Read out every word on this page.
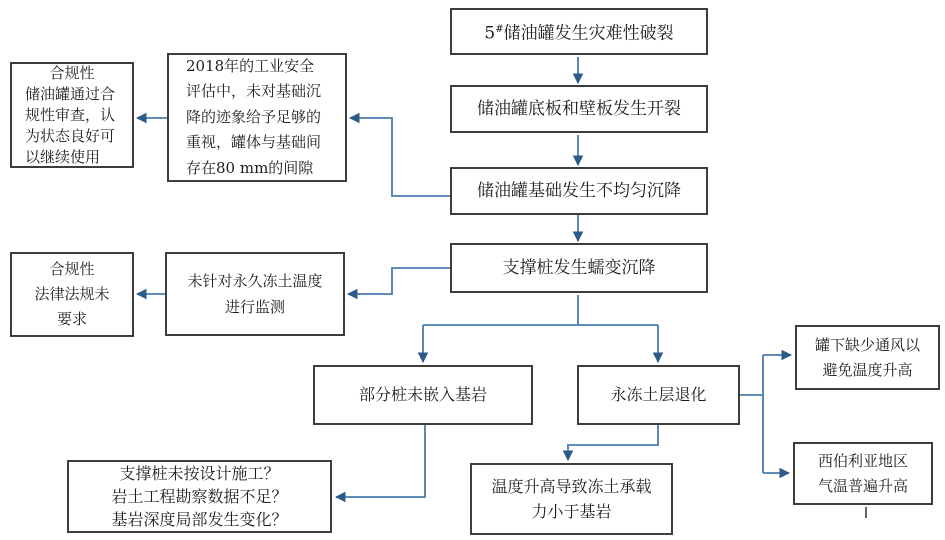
5#储油罐发生灾难性破裂
储油罐底板和壁板发生开裂
储油罐基础发生不均匀沉降
支撑桩发生蠕变沉降
合规性
储油罐通过合规性审查，认为状态良好可以继续使用
2018年的工业安全评估中，未对基础沉降的迹象给予足够的重视，罐体与基础间存在80 mm的间隙
合规性
法律法规未
要求
未针对永久冻土温度进行监测
部分桩未嵌入基岩	永冻土层退化
支撑桩未按设计施工？
岩土工程勘察数据不足？
基岩深度局部发生变化？
温度升高导致冻土承载力小于基岩
罐下缺少通风以避免温度升高
西伯利亚地区气温普遍升高
